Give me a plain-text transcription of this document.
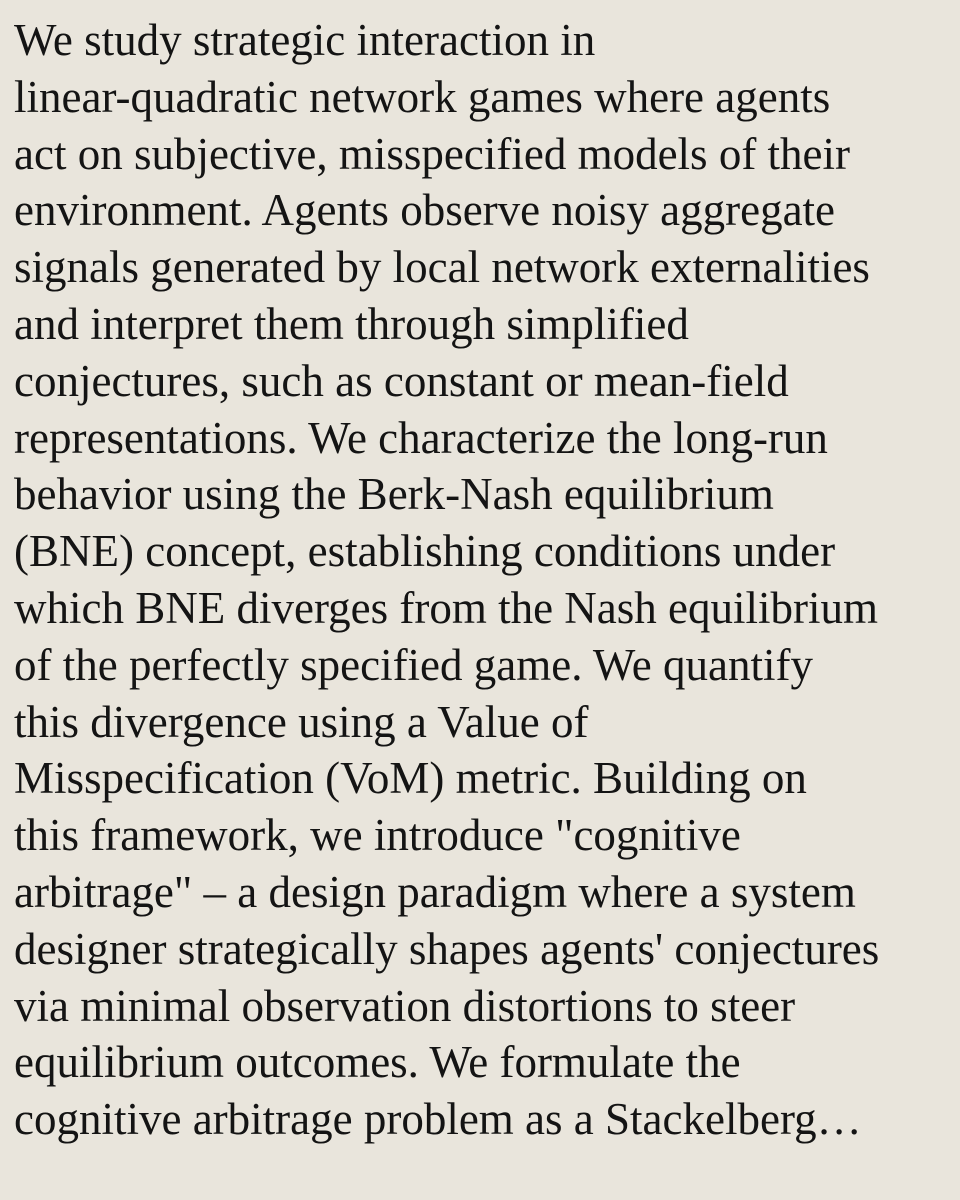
We study strategic interaction in
linear-quadratic network games where agents
act on subjective, misspecified models of their
environment. Agents observe noisy aggregate
signals generated by local network externalities
and interpret them through simplified
conjectures, such as constant or mean-field
representations. We characterize the long-run
behavior using the Berk-Nash equilibrium
(BNE) concept, establishing conditions under
which BNE diverges from the Nash equilibrium
of the perfectly specified game. We quantify
this divergence using a Value of
Misspecification (VoM) metric. Building on
this framework, we introduce "cognitive
arbitrage" – a design paradigm where a system
designer strategically shapes agents' conjectures
via minimal observation distortions to steer
equilibrium outcomes. We formulate the
cognitive arbitrage problem as a Stackelberg…
